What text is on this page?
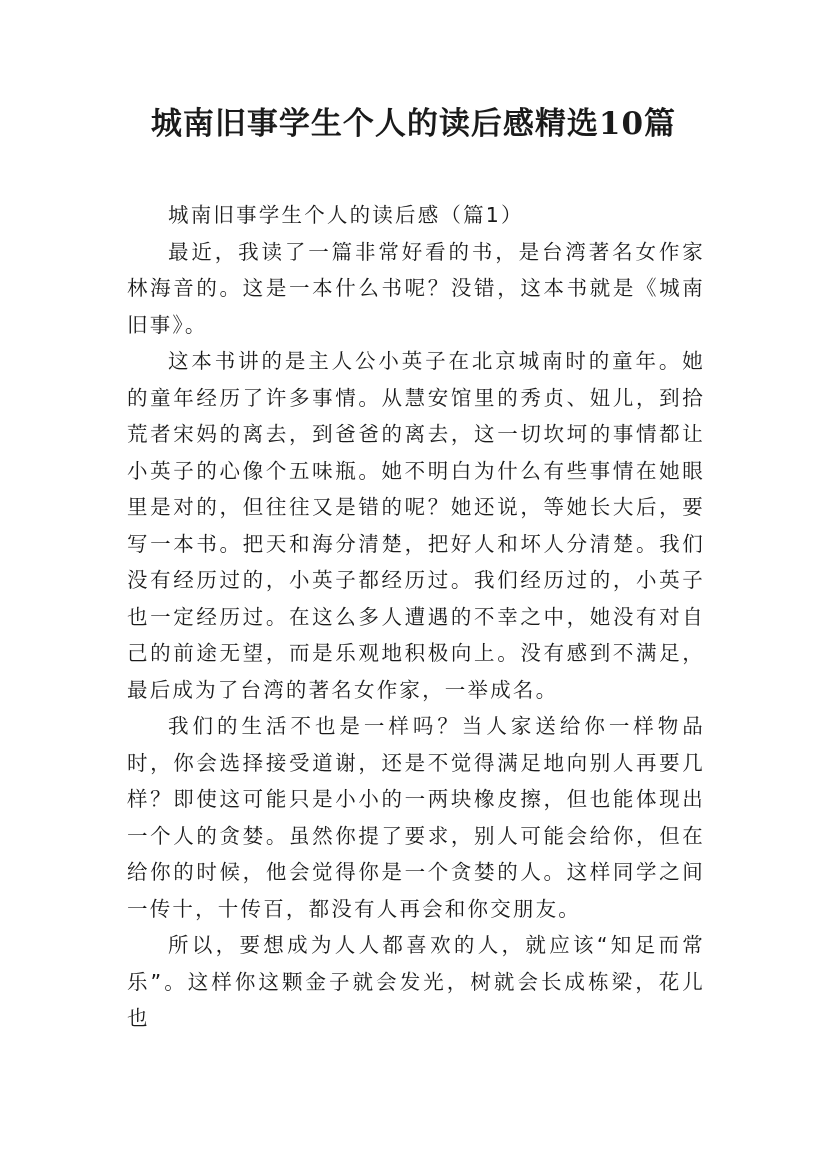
城南旧事学生个人的读后感精选10篇

城南旧事学生个人的读后感（篇1）

最近，我读了一篇非常好看的书，是台湾著名女作家林海音的。这是一本什么书呢？没错，这本书就是《城南旧事》。

这本书讲的是主人公小英子在北京城南时的童年。她的童年经历了许多事情。从慧安馆里的秀贞、妞儿，到拾荒者宋妈的离去，到爸爸的离去，这一切坎坷的事情都让小英子的心像个五味瓶。她不明白为什么有些事情在她眼里是对的，但往往又是错的呢？她还说，等她长大后，要写一本书。把天和海分清楚，把好人和坏人分清楚。我们没有经历过的，小英子都经历过。我们经历过的，小英子也一定经历过。在这么多人遭遇的不幸之中，她没有对自己的前途无望，而是乐观地积极向上。没有感到不满足，最后成为了台湾的著名女作家，一举成名。

我们的生活不也是一样吗？当人家送给你一样物品时，你会选择接受道谢，还是不觉得满足地向别人再要几样？即使这可能只是小小的一两块橡皮擦，但也能体现出一个人的贪婪。虽然你提了要求，别人可能会给你，但在给你的时候，他会觉得你是一个贪婪的人。这样同学之间一传十，十传百，都没有人再会和你交朋友。

所以，要想成为人人都喜欢的人，就应该“知足而常乐”。这样你这颗金子就会发光，树就会长成栋梁，花儿也
